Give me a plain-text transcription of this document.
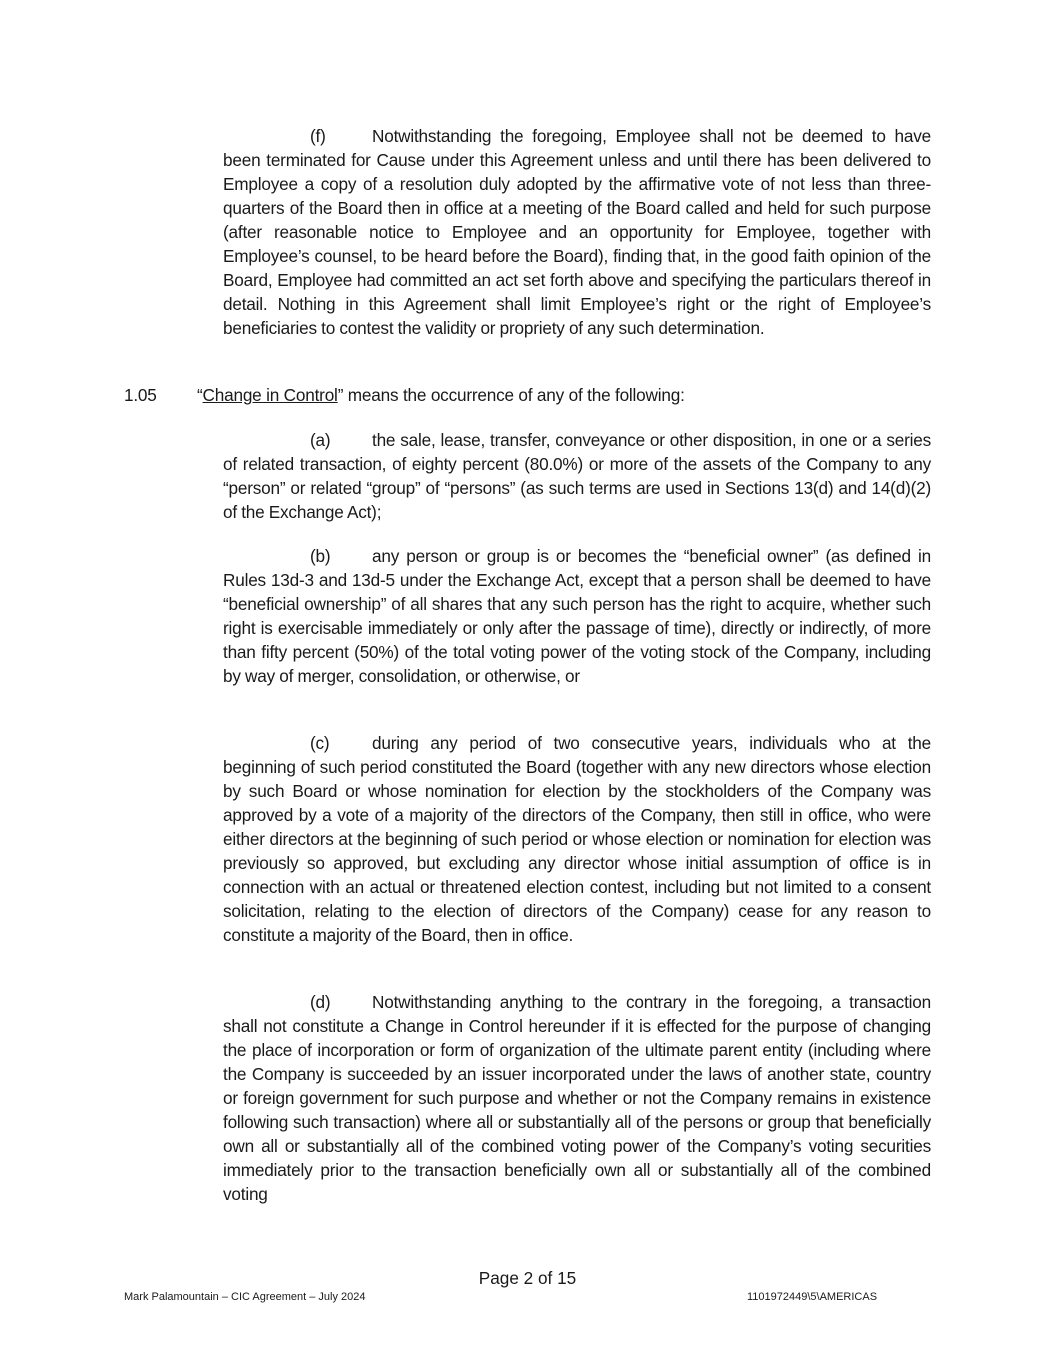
(f)	Notwithstanding the foregoing, Employee shall not be deemed to have been terminated for Cause under this Agreement unless and until there has been delivered to Employee a copy of a resolution duly adopted by the affirmative vote of not less than three-quarters of the Board then in office at a meeting of the Board called and held for such purpose (after reasonable notice to Employee and an opportunity for Employee, together with Employee’s counsel, to be heard before the Board), finding that, in the good faith opinion of the Board, Employee had committed an act set forth above and specifying the particulars thereof in detail. Nothing in this Agreement shall limit Employee’s right or the right of Employee’s beneficiaries to contest the validity or propriety of any such determination.

1.05 “Change in Control” means the occurrence of any of the following:

(a) the sale, lease, transfer, conveyance or other disposition, in one or a series of related transaction, of eighty percent (80.0%) or more of the assets of the Company to any “person” or related “group” of “persons” (as such terms are used in Sections 13(d) and 14(d)(2) of the Exchange Act);

(b) any person or group is or becomes the “beneficial owner” (as defined in Rules 13d-3 and 13d-5 under the Exchange Act, except that a person shall be deemed to have “beneficial ownership” of all shares that any such person has the right to acquire, whether such right is exercisable immediately or only after the passage of time), directly or indirectly, of more than fifty percent (50%) of the total voting power of the voting stock of the Company, including by way of merger, consolidation, or otherwise, or

(c) during any period of two consecutive years, individuals who at the beginning of such period constituted the Board (together with any new directors whose election by such Board or whose nomination for election by the stockholders of the Company was approved by a vote of a majority of the directors of the Company, then still in office, who were either directors at the beginning of such period or whose election or nomination for election was previously so approved, but excluding any director whose initial assumption of office is in connection with an actual or threatened election contest, including but not limited to a consent solicitation, relating to the election of directors of the Company) cease for any reason to constitute a majority of the Board, then in office.

(d) Notwithstanding anything to the contrary in the foregoing, a transaction shall not constitute a Change in Control hereunder if it is effected for the purpose of changing the place of incorporation or form of organization of the ultimate parent entity (including where the Company is succeeded by an issuer incorporated under the laws of another state, country or foreign government for such purpose and whether or not the Company remains in existence following such transaction) where all or substantially all of the persons or group that beneficially own all or substantially all of the combined voting power of the Company’s voting securities immediately prior to the transaction beneficially own all or substantially all of the combined voting

Page 2 of 15
Mark Palamountain – CIC Agreement – July 2024	1101972449\5\AMERICAS
